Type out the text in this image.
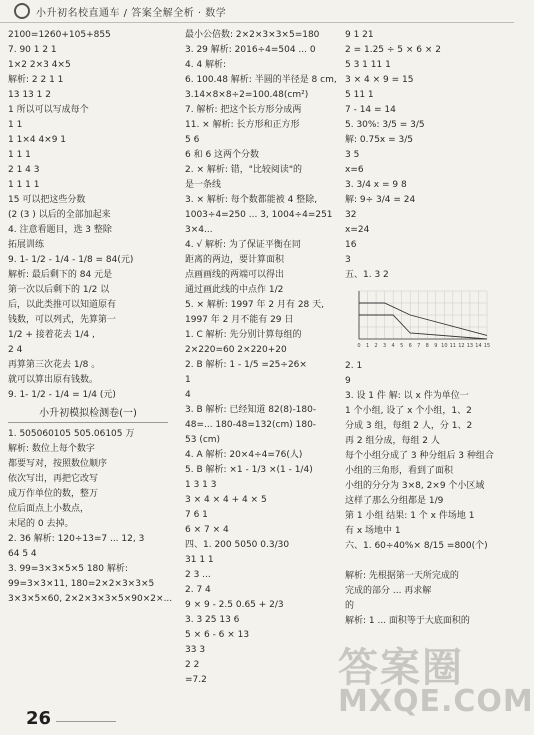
小升初名校直通车 / 答案全解全析 · 数学
2100=1260+105+855
7. 90 1 2 1
1×2 2×3 4×5
解析: 2 2 1 1
13 13 1 2
1 所以可以写成每个
1 1
1 1×4 4×9 1
1 1 1
2 1 4 3
1 1 1 1
15 可以把这些分数
(2 (3 ) 以后的全部加起来
4. 注意看题目，选 3 整除
拓展训练
9. 1- 1/2 - 1/4 - 1/8 = 84(元)
解析: 最后剩下的 84 元是
第一次以后剩下的 1/2 以
后，以此类推可以知道原有
钱数，可以列式，先算第一
1/2 + 接着花去 1/4 ,
2 4
再算第三次花去 1/8 。
就可以算出原有钱数。
9. 1- 1/2 - 1/4 = 1/4 (元)
小升初模拟检测卷(一)
1. 505060105 505.06105 万
解析: 数位上每个数字
都要写对，按照数位顺序
依次写出，再把它改写
成万作单位的数，整万
位后面点上小数点，
末尾的 0 去掉。
2. 36 解析: 120÷13=7 ... 12, 3
64 5 4
3. 99=3×3×5×5 180 解析:
99=3×3×11, 180=2×2×3×3×5
3×3×5×60, 2×2×3×3×5×90×2×...
最小公倍数: 2×2×3×3×5=180
3. 29 解析: 2016÷4=504 ... 0
4. 4 解析:
6. 100.48 解析: 半圆的半径是 8 cm,
3.14×8×8÷2=100.48(cm²)
7. 解析: 把这个长方形分成两
11. × 解析: 长方形和正方形
5 6
6 和 6 这两个分数
2. × 解析: 错，"比较阅读"的
是一条线
3. × 解析: 每个数都能被 4 整除,
1003÷4=250 ... 3, 1004÷4=251
3×4...
4. √ 解析: 为了保证平衡在同
距离的两边，要计算面积
点画画线的两端可以得出
通过画此线的中点作 1/2
5. × 解析: 1997 年 2 月有 28 天,
1997 年 2 月不能有 29 日
1. C 解析: 先分别计算每组的
2×220=60 2×220+20
2. B 解析: 1 - 1/5 =25÷26×
1
4
3. B 解析: 已经知道 82(8)-180-
48=... 180-48=132(cm) 180-
53 (cm)
4. A 解析: 20×4÷4=76(人)
5. B 解析: ×1 - 1/3 ×(1 - 1/4)
1 3 1 3
3 × 4 × 4 + 4 × 5
7 6 1
6 × 7 × 4
四、1. 200 5050 0.3/30
31 1 1
2 3 ...
2. 7 4
9 × 9 - 2.5 0.65 + 2/3
3. 3 25 13 6
5 × 6 - 6 × 13
33 3
2 2
=7.2
9 1 21
2 = 1.25 ÷ 5 × 6 × 2
5 3 1 11 1
3 × 4 × 9 = 15
5 11 1
7 - 14 = 14
5. 30%: 3/5 = 3/5
解: 0.75x = 3/5
3 5
x=6
3. 3/4 x = 9 8
解: 9÷ 3/4 = 24
32
x=24
16
3
五、1. 3 2
0 1 2 3 4 5 6 7 8 9 10 11 12 13 14 15
2. 1
9
3. 设 1 件 解: 以 x 件为单位一
1 个小组, 设了 x 个小组，1、2
分成 3 组，每组 2 人，分 1、2
再 2 组分成，每组 2 人
每个小组分成了 3 种分组后 3 种组合
小组的三角形，看到了面积
小组的分分为 3×8, 2×9 个小区域
这样了那么分组都是 1/9
第 1 小组 结果: 1 个 x 件场地 1
有 x 场地中 1
六、1. 60÷40%× 8/15 =800(个)
解析: 先根据第一天所完成的
完成的部分 ... 再求解
的
解析: 1 ... 面积等于大底面积的
26
答案圈
MXQE.COM
